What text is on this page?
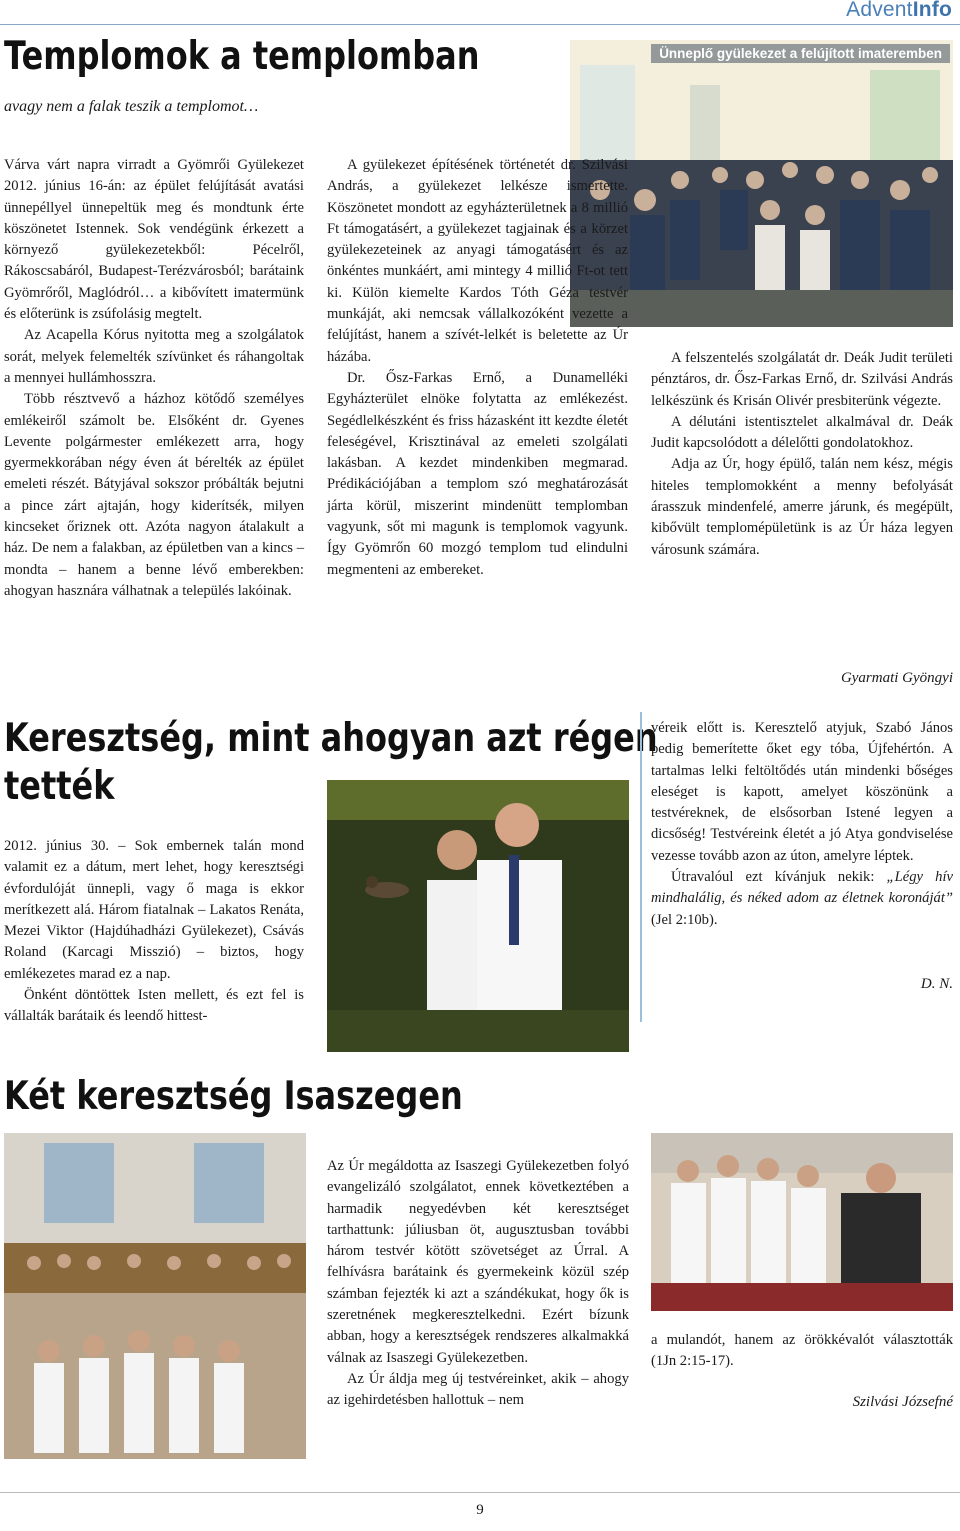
AdventInfo
Templomok a templomban
avagy nem a falak teszik a templomot…
Ünneplő gyülekezet a felújított imateremben

Várva várt napra virradt a Gyömrői Gyülekezet 2012. június 16-án: az épület felújítását avatási ünnepéllyel ünnepeltük meg és mondtunk érte köszönetet Istennek. Sok vendégünk érkezett a környező gyülekezetekből: Pécelről, Rákoscsabáról, Budapest-Terézvárosból; barátaink Gyömrőről, Maglódról… a kibővített imatermünk és előterünk is zsúfolásig megtelt.

Az Acapella Kórus nyitotta meg a szolgálatok sorát, melyek felemelték szívünket és ráhangoltak a mennyei hullámhosszra.

Több résztvevő a házhoz kötődő személyes emlékeiről számolt be. Elsőként dr. Gyenes Levente polgármester emlékezett arra, hogy gyermekkorában négy éven át bérelték az épület emeleti részét. Bátyjával sokszor próbálták bejutni a pince zárt ajtaján, hogy kiderítsék, milyen kincseket őriznek ott. Azóta nagyon átalakult a ház. De nem a falakban, az épületben van a kincs – mondta – hanem a benne lévő emberekben: ahogyan hasznára válhatnak a település lakóinak.

A gyülekezet építésének történetét dr. Szilvási András, a gyülekezet lelkésze ismertette. Köszönetet mondott az egyházterületnek a 8 millió Ft támogatásért, a gyülekezet tagjainak és a körzet gyülekezeteinek az anyagi támogatásért és az önkéntes munkáért, ami mintegy 4 millió Ft-ot tett ki. Külön kiemelte Kardos Tóth Géza testvér munkáját, aki nemcsak vállalkozóként vezette a felújítást, hanem a szívét-lelkét is beletette az Úr házába.

Dr. Ősz-Farkas Ernő, a Dunamelléki Egyházterület elnöke folytatta az emlékezést. Segédlelkészként és friss házasként itt kezdte életét feleségével, Krisztinával az emeleti szolgálati lakásban. A kezdet mindenkiben megmarad. Prédikációjában a templom szó meghatározását járta körül, miszerint mindenütt templomban vagyunk, sőt mi magunk is templomok vagyunk. Így Gyömrőn 60 mozgó templom tud elindulni megmenteni az embereket.

A felszentelés szolgálatát dr. Deák Judit területi pénztáros, dr. Ősz-Farkas Ernő, dr. Szilvási András lelkészünk és Krisán Olivér presbiterünk végezte.

A délutáni istentisztelet alkalmával dr. Deák Judit kapcsolódott a délelőtti gondolatokhoz.

Adja az Úr, hogy épülő, talán nem kész, mégis hiteles templomokként a menny befolyását árasszuk mindenfelé, amerre járunk, és megépült, kibővült templomépületünk is az Úr háza legyen városunk számára.

Gyarmati Gyöngyi
Keresztség, mint ahogyan azt régen
tették

2012. június 30. – Sok embernek talán mond valamit ez a dátum, mert lehet, hogy keresztségi évfordulóját ünnepli, vagy ő maga is ekkor merítkezett alá. Három fiatalnak – Lakatos Renáta, Mezei Viktor (Hajdúhadházi Gyülekezet), Csávás Roland (Karcagi Misszió) – biztos, hogy emlékezetes marad ez a nap.

Önként döntöttek Isten mellett, és ezt fel is vállalták barátaik és leendő hittest-

véreik előtt is. Keresztelő atyjuk, Szabó János pedig bemerítette őket egy tóba, Újfehértón. A tartalmas lelki feltöltődés után mindenki bőséges eleséget is kapott, amelyet köszönünk a testvéreknek, de elsősorban Istené legyen a dicsőség! Testvéreink életét a jó Atya gondviselése vezesse tovább azon az úton, amelyre léptek.

Útravalóul ezt kívánjuk nekik: „Légy hív mindhalálig, és néked adom az életnek koronáját” (Jel 2:10b).

D. N.
Két keresztség Isaszegen

Az Úr megáldotta az Isaszegi Gyülekezetben folyó evangelizáló szolgálatot, ennek következtében a harmadik negyedévben két keresztséget tarthattunk: júliusban öt, augusztusban további három testvér kötött szövetséget az Úrral. A felhívásra barátaink és gyermekeink közül szép számban fejezték ki azt a szándékukat, hogy ők is szeretnének megkeresztelkedni. Ezért bízunk abban, hogy a keresztségek rendszeres alkalmakká válnak az Isaszegi Gyülekezetben.

Az Úr áldja meg új testvéreinket, akik – ahogy az igehirdetésben hallottuk – nem

a mulandót, hanem az örökkévalót választották (1Jn 2:15-17).

Szilvási Józsefné
9
